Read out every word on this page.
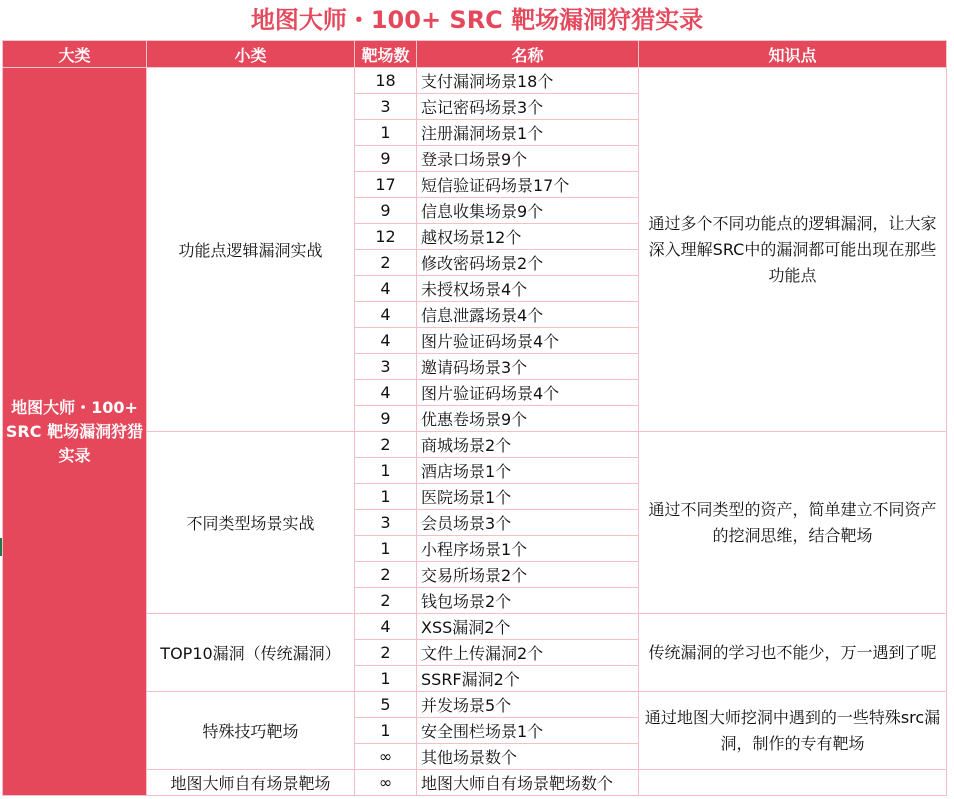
地图大师・100+ SRC 靶场漏洞狩猎实录
大类	小类	靶场数	名称	知识点
地图大师・100+ SRC 靶场漏洞狩猎实录	功能点逻辑漏洞实战	18	支付漏洞场景18个	通过多个不同功能点的逻辑漏洞，让大家深入理解SRC中的漏洞都可能出现在那些功能点
		3	忘记密码场景3个	
		1	注册漏洞场景1个	
		9	登录口场景9个	
		17	短信验证码场景17个	
		9	信息收集场景9个	
		12	越权场景12个	
		2	修改密码场景2个	
		4	未授权场景4个	
		4	信息泄露场景4个	
		4	图片验证码场景4个	
		3	邀请码场景3个	
		4	图片验证码场景4个	
		9	优惠卷场景9个	
	不同类型场景实战	2	商城场景2个	通过不同类型的资产，简单建立不同资产的挖洞思维，结合靶场
		1	酒店场景1个	
		1	医院场景1个	
		3	会员场景3个	
		1	小程序场景1个	
		2	交易所场景2个	
		2	钱包场景2个	
	TOP10漏洞（传统漏洞）	4	XSS漏洞2个	传统漏洞的学习也不能少，万一遇到了呢
		2	文件上传漏洞2个	
		1	SSRF漏洞2个	
	特殊技巧靶场	5	并发场景5个	通过地图大师挖洞中遇到的一些特殊src漏洞，制作的专有靶场
		1	安全围栏场景1个	
		∞	其他场景数个	
	地图大师自有场景靶场	∞	地图大师自有场景靶场数个	
